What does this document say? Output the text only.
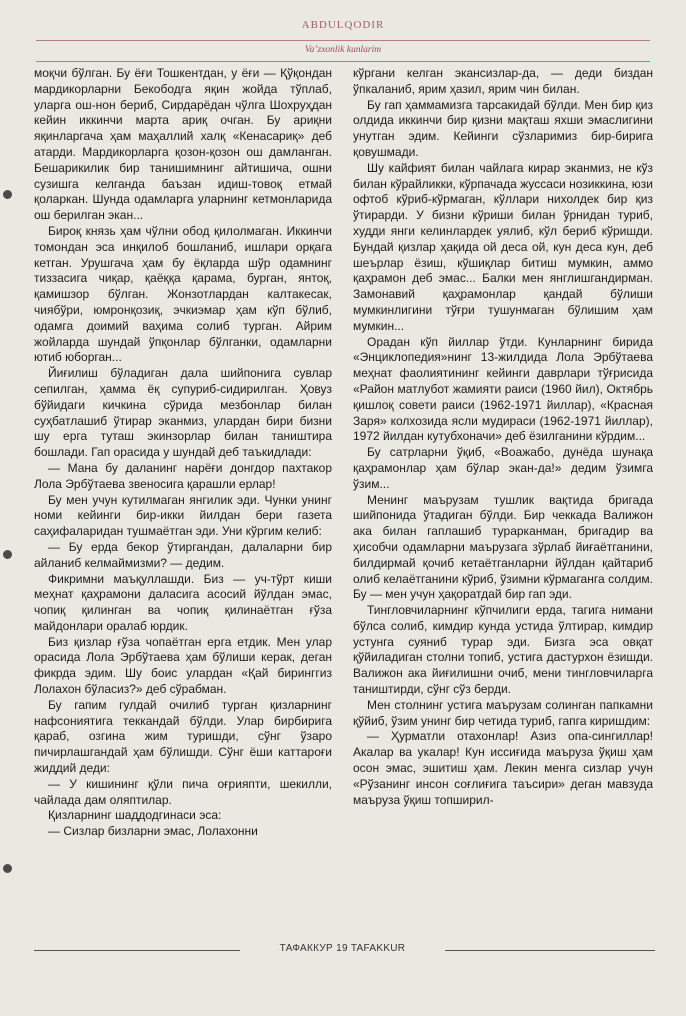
ABDULQODIR
Va’zxonlik kunlarim

моқчи бўлган. Бу ёғи Тошкентдан, у ёғи — Қўқондан мардикорларни Бекободга яқин жойда тўплаб, уларга ош-нон бериб, Сирдарёдан чўлга Шохруҳдан кейин иккинчи марта ариқ очган. Бу ариқни яқинларгача ҳам маҳаллий халқ «Кенасариқ» деб атарди. Мардикорларга қозон-қозон ош дамланган. Бешарикилик бир танишимнинг айтишича, ошни сузишга келганда баъзан идиш-товоқ етмай қоларкан. Шунда одамларга уларнинг кетмонларида ош берилган экан...

Бироқ князь ҳам чўлни обод қилолмаган. Иккинчи томондан эса инқилоб бошланиб, ишлари орқага кетган. Урушгача ҳам бу ёқларда шўр одамнинг тиззасига чиқар, қаёққа қарама, бурган, янтоқ, қамишзор бўлган. Жонзотлардан калтакесак, чиябўри, юмронқозиқ, эчкиэмар ҳам кўп бўлиб, одамга доимий ваҳима солиб турган. Айрим жойларда шундай ўпқонлар бўлганки, одамларни ютиб юборган...

Йиғилиш бўладиган дала шийпонига сувлар сепилган, ҳамма ёқ супуриб-сидирилган. Ҳовуз бўйидаги кичкина сўрида мезбонлар билан суҳбатлашиб ўтирар эканмиз, улардан бири бизни шу ерга туташ экинзорлар билан таништира бошлади. Гап орасида у шундай деб таъкидлади:

— Мана бу даланинг нарёғи донгдор пахтакор Лола Эрбўтаева звеносига қарашли ерлар!

Бу мен учун кутилмаган янгилик эди. Чунки унинг номи кейинги бир-икки йилдан бери газета саҳифаларидан тушмаётган эди. Уни кўргим келиб:

— Бу ерда бекор ўтиргандан, далаларни бир айланиб келмаймизми? — дедим.

Фикримни маъқуллашди. Биз — уч-тўрт киши меҳнат қаҳрамони даласига асосий йўлдан эмас, чопиқ қилинган ва чопиқ қилинаётган ғўза майдонлари оралаб юрдик.

Биз қизлар ғўза чопаётган ерга етдик. Мен улар орасида Лола Эрбўтаева ҳам бўлиши керак, деган фикрда эдим. Шу боис улардан «Қай биринггиз Лолахон бўласиз?» деб сўрабман.

Бу гапим гулдай очилиб турган қизларнинг нафсониятига теккандай бўлди. Улар бирбирига қараб, озгина жим туришди, сўнг ўзаро пичирлашгандай ҳам бўлишди. Сўнг ёши каттароғи жиддий деди:

— У кишининг қўли пича оғрияпти, шекилли, чайлада дам оляптилар.

Қизларнинг шаддодгинаси эса:

— Сизлар бизларни эмас, Лолахонни

кўргани келган экансизлар-да, — деди биздан ўпкаланиб, ярим ҳазил, ярим чин билан.

Бу гап ҳаммамизга тарсакидай бўлди. Мен бир қиз олдида иккинчи бир қизни мақташ яхши эмаслигини унутган эдим. Кейинги сўзларимиз бир-бирига қовушмади.

Шу кайфият билан чайлага кирар эканмиз, не кўз билан кўрайликки, кўрпачада жуссаси нозиккина, юзи офтоб кўриб-кўрмаган, кўллари нихолдек бир қиз ўтирарди. У бизни кўриши билан ўрнидан туриб, худди янги келинлардек уялиб, кўл бериб кўришди. Бундай қизлар ҳақида ой деса ой, кун деса кун, деб шеърлар ёзиш, кўшиқлар битиш мумкин, аммо қаҳрамон деб эмас... Балки мен янглишгандирман. Замонавий қаҳрамонлар қандай бўлиши мумкинлигини тўғри тушунмаган бўлишим ҳам мумкин...

Орадан кўп йиллар ўтди. Кунларнинг бирида «Энциклопедия»нинг 13-жилдида Лола Эрбўтаева меҳнат фаолиятининг кейинги даврлари тўғрисида «Район матлубот жамияти раиси (1960 йил), Октябрь қишлоқ совети раиси (1962-1971 йиллар), «Красная Заря» колхозида ясли мудираси (1962-1971 йиллар), 1972 йилдан кутубхоначи» деб ёзилганини кўрдим...

Бу сатрларни ўқиб, «Воажабо, дунёда шунақа қаҳрамонлар ҳам бўлар экан-да!» дедим ўзимга ўзим...

Менинг маърузам тушлик вақтида бригада шийпонида ўтадиган бўлди. Бир чеккада Валижон ака билан гаплашиб турарканман, бригадир ва ҳисобчи одамларни маърузага зўрлаб йиғаётганини, билдирмай қочиб кетаётганларни йўлдан қайтариб олиб келаётганини кўриб, ўзимни кўрмаганга солдим. Бу — мен учун ҳақоратдай бир гап эди.

Тингловчиларнинг кўпчилиги ерда, тагига нимани бўлса солиб, кимдир кунда устида ўлтирар, кимдир устунга суяниб турар эди. Бизга эса овқат қўйиладиган столни топиб, устига дастурхон ёзишди. Валижон ака йиғилишни очиб, мени тингловчиларга таништирди, сўнг сўз берди.

Мен столнинг устига маърузам солинган папкамни қўйиб, ўзим унинг бир четида туриб, гапга киришдим:

— Ҳурматли отахонлар! Азиз опа-сингиллар! Акалар ва укалар! Кун иссиғида маъруза ўқиш ҳам осон эмас, эшитиш ҳам. Лекин менга сизлар учун «Рўзанинг инсон соғлиғига таъсири» деган мавзуда маъруза ўқиш топширил-

ТАФАККУР 19 TAFAKKUR
